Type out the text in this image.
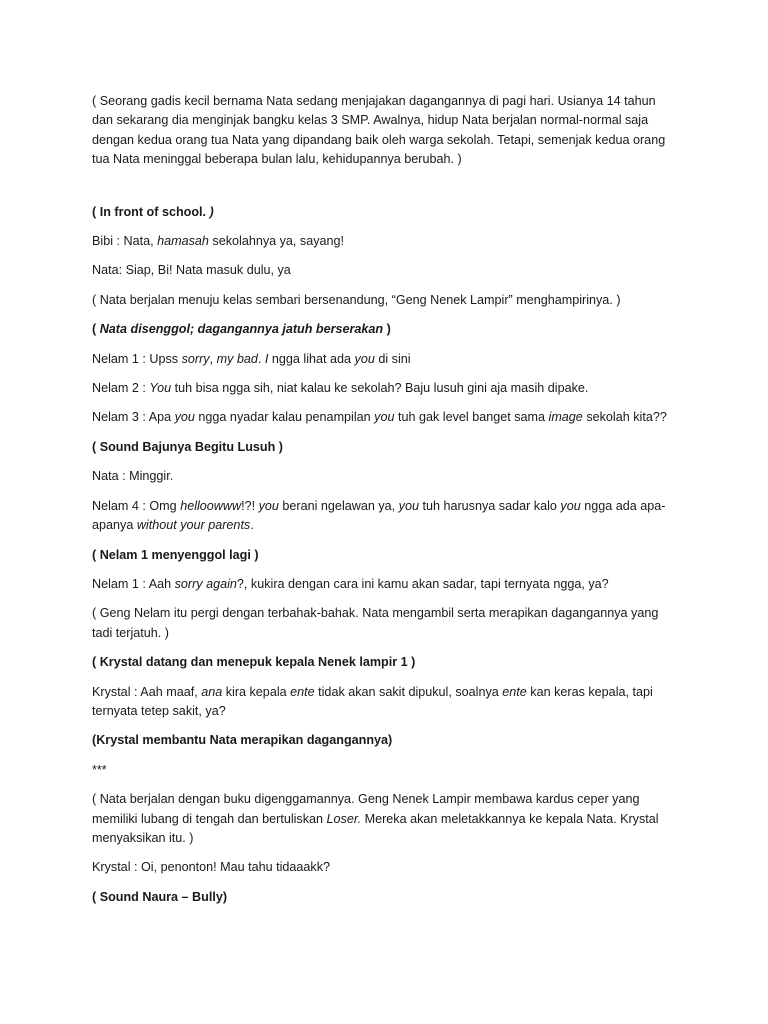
( Seorang gadis kecil bernama Nata sedang menjajakan dagangannya di pagi hari. Usianya 14 tahun dan sekarang dia menginjak bangku kelas 3 SMP. Awalnya, hidup Nata berjalan normal-normal saja dengan kedua orang tua Nata yang dipandang baik oleh warga sekolah. Tetapi, semenjak kedua orang tua Nata meninggal beberapa bulan lalu, kehidupannya berubah. )

( In front of school. )

Bibi : Nata, hamasah sekolahnya ya, sayang!

Nata: Siap, Bi! Nata masuk dulu, ya

( Nata berjalan menuju kelas sembari bersenandung, “Geng Nenek Lampir” menghampirinya. )

( Nata disenggol; dagangannya jatuh berserakan )

Nelam 1 : Upss sorry, my bad. I ngga lihat ada you di sini

Nelam 2 : You tuh bisa ngga sih, niat kalau ke sekolah? Baju lusuh gini aja masih dipake.

Nelam 3 : Apa you ngga nyadar kalau penampilan you tuh gak level banget sama image sekolah kita??

( Sound Bajunya Begitu Lusuh )

Nata : Minggir.

Nelam 4 : Omg helloowww!?! you berani ngelawan ya, you tuh harusnya sadar kalo you ngga ada apa-apanya without your parents.

( Nelam 1 menyenggol lagi )

Nelam 1 : Aah sorry again?, kukira dengan cara ini kamu akan sadar, tapi ternyata ngga, ya?

( Geng Nelam itu pergi dengan terbahak-bahak. Nata mengambil serta merapikan dagangannya yang tadi terjatuh. )

( Krystal datang dan menepuk kepala Nenek lampir 1 )

Krystal : Aah maaf, ana kira kepala ente tidak akan sakit dipukul, soalnya ente kan keras kepala, tapi ternyata tetep sakit, ya?

(Krystal membantu Nata merapikan dagangannya)

***

( Nata berjalan dengan buku digenggamannya. Geng Nenek Lampir membawa kardus ceper yang memiliki lubang di tengah dan bertuliskan Loser. Mereka akan meletakkannya ke kepala Nata. Krystal menyaksikan itu. )

Krystal : Oi, penonton! Mau tahu tidaaakk?

( Sound Naura – Bully)
